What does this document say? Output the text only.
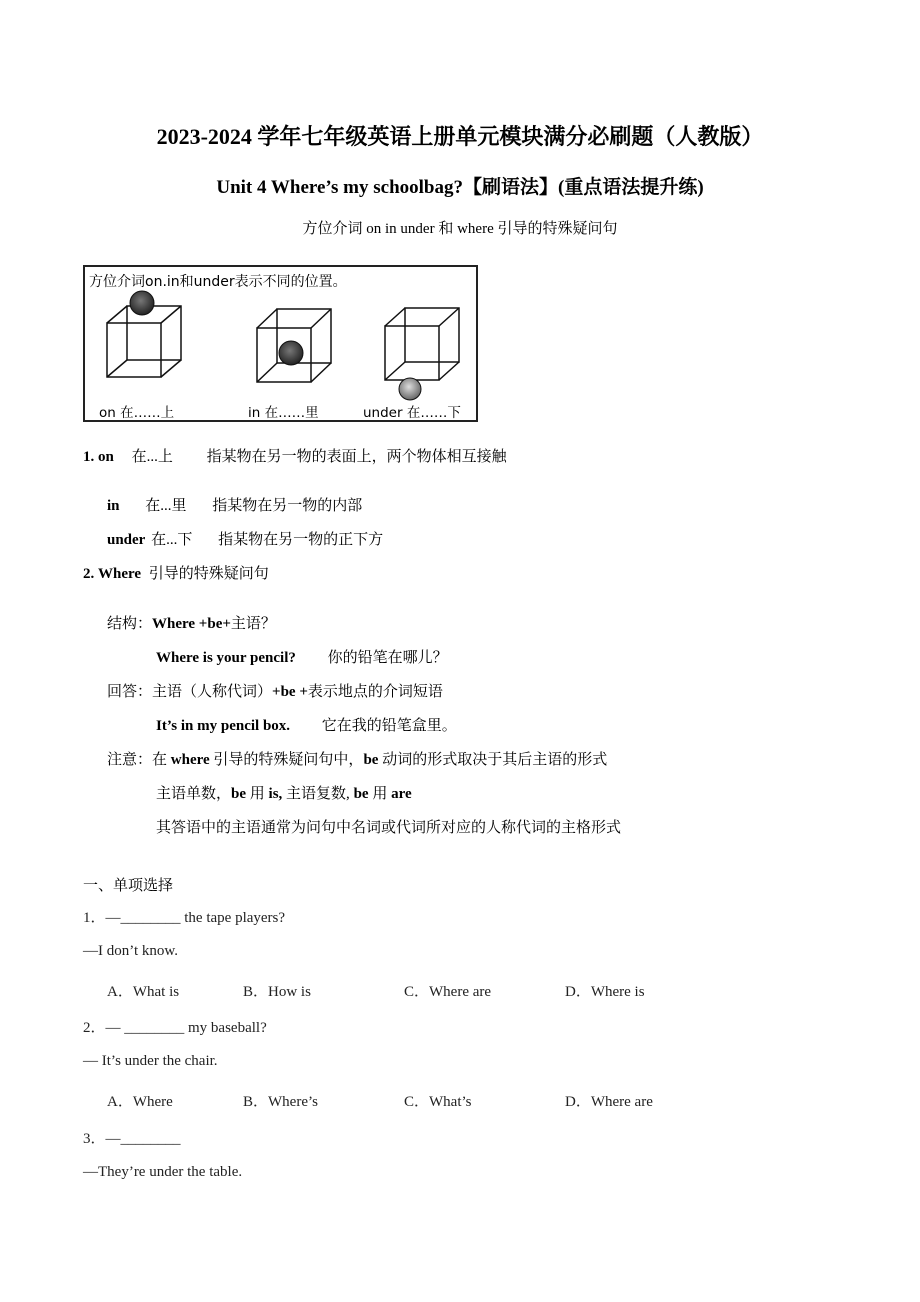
2023-2024 学年七年级英语上册单元模块满分必刷题（人教版）
Unit 4 Where’s my schoolbag?【刷语法】(重点语法提升练)
方位介词 on in under 和 where 引导的特殊疑问句
方位介词on.in和under表示不同的位置。
on 在……上	in 在……里	under 在……下
1. on 在...上 指某物在另一物的表面上，两个物体相互接触
in 在...里 指某物在另一物的内部
under 在...下 指某物在另一物的正下方
2. Where 引导的特殊疑问句
结构：Where +be+主语？
Where is your pencil? 你的铅笔在哪儿？
回答：主语（人称代词）+be +表示地点的介词短语
It’s in my pencil box. 它在我的铅笔盒里。
注意：在 where 引导的特殊疑问句中，be 动词的形式取决于其后主语的形式
主语单数，be 用 is, 主语复数, be 用 are
其答语中的主语通常为问句中名词或代词所对应的人称代词的主格形式
一、单项选择
1．—________ the tape players?
—I don’t know.
A．What is	B．How is	C．Where are	D．Where is
2．— ________ my baseball?
— It’s under the chair.
A．Where	B．Where’s	C．What’s	D．Where are
3．—________
—They’re under the table.
